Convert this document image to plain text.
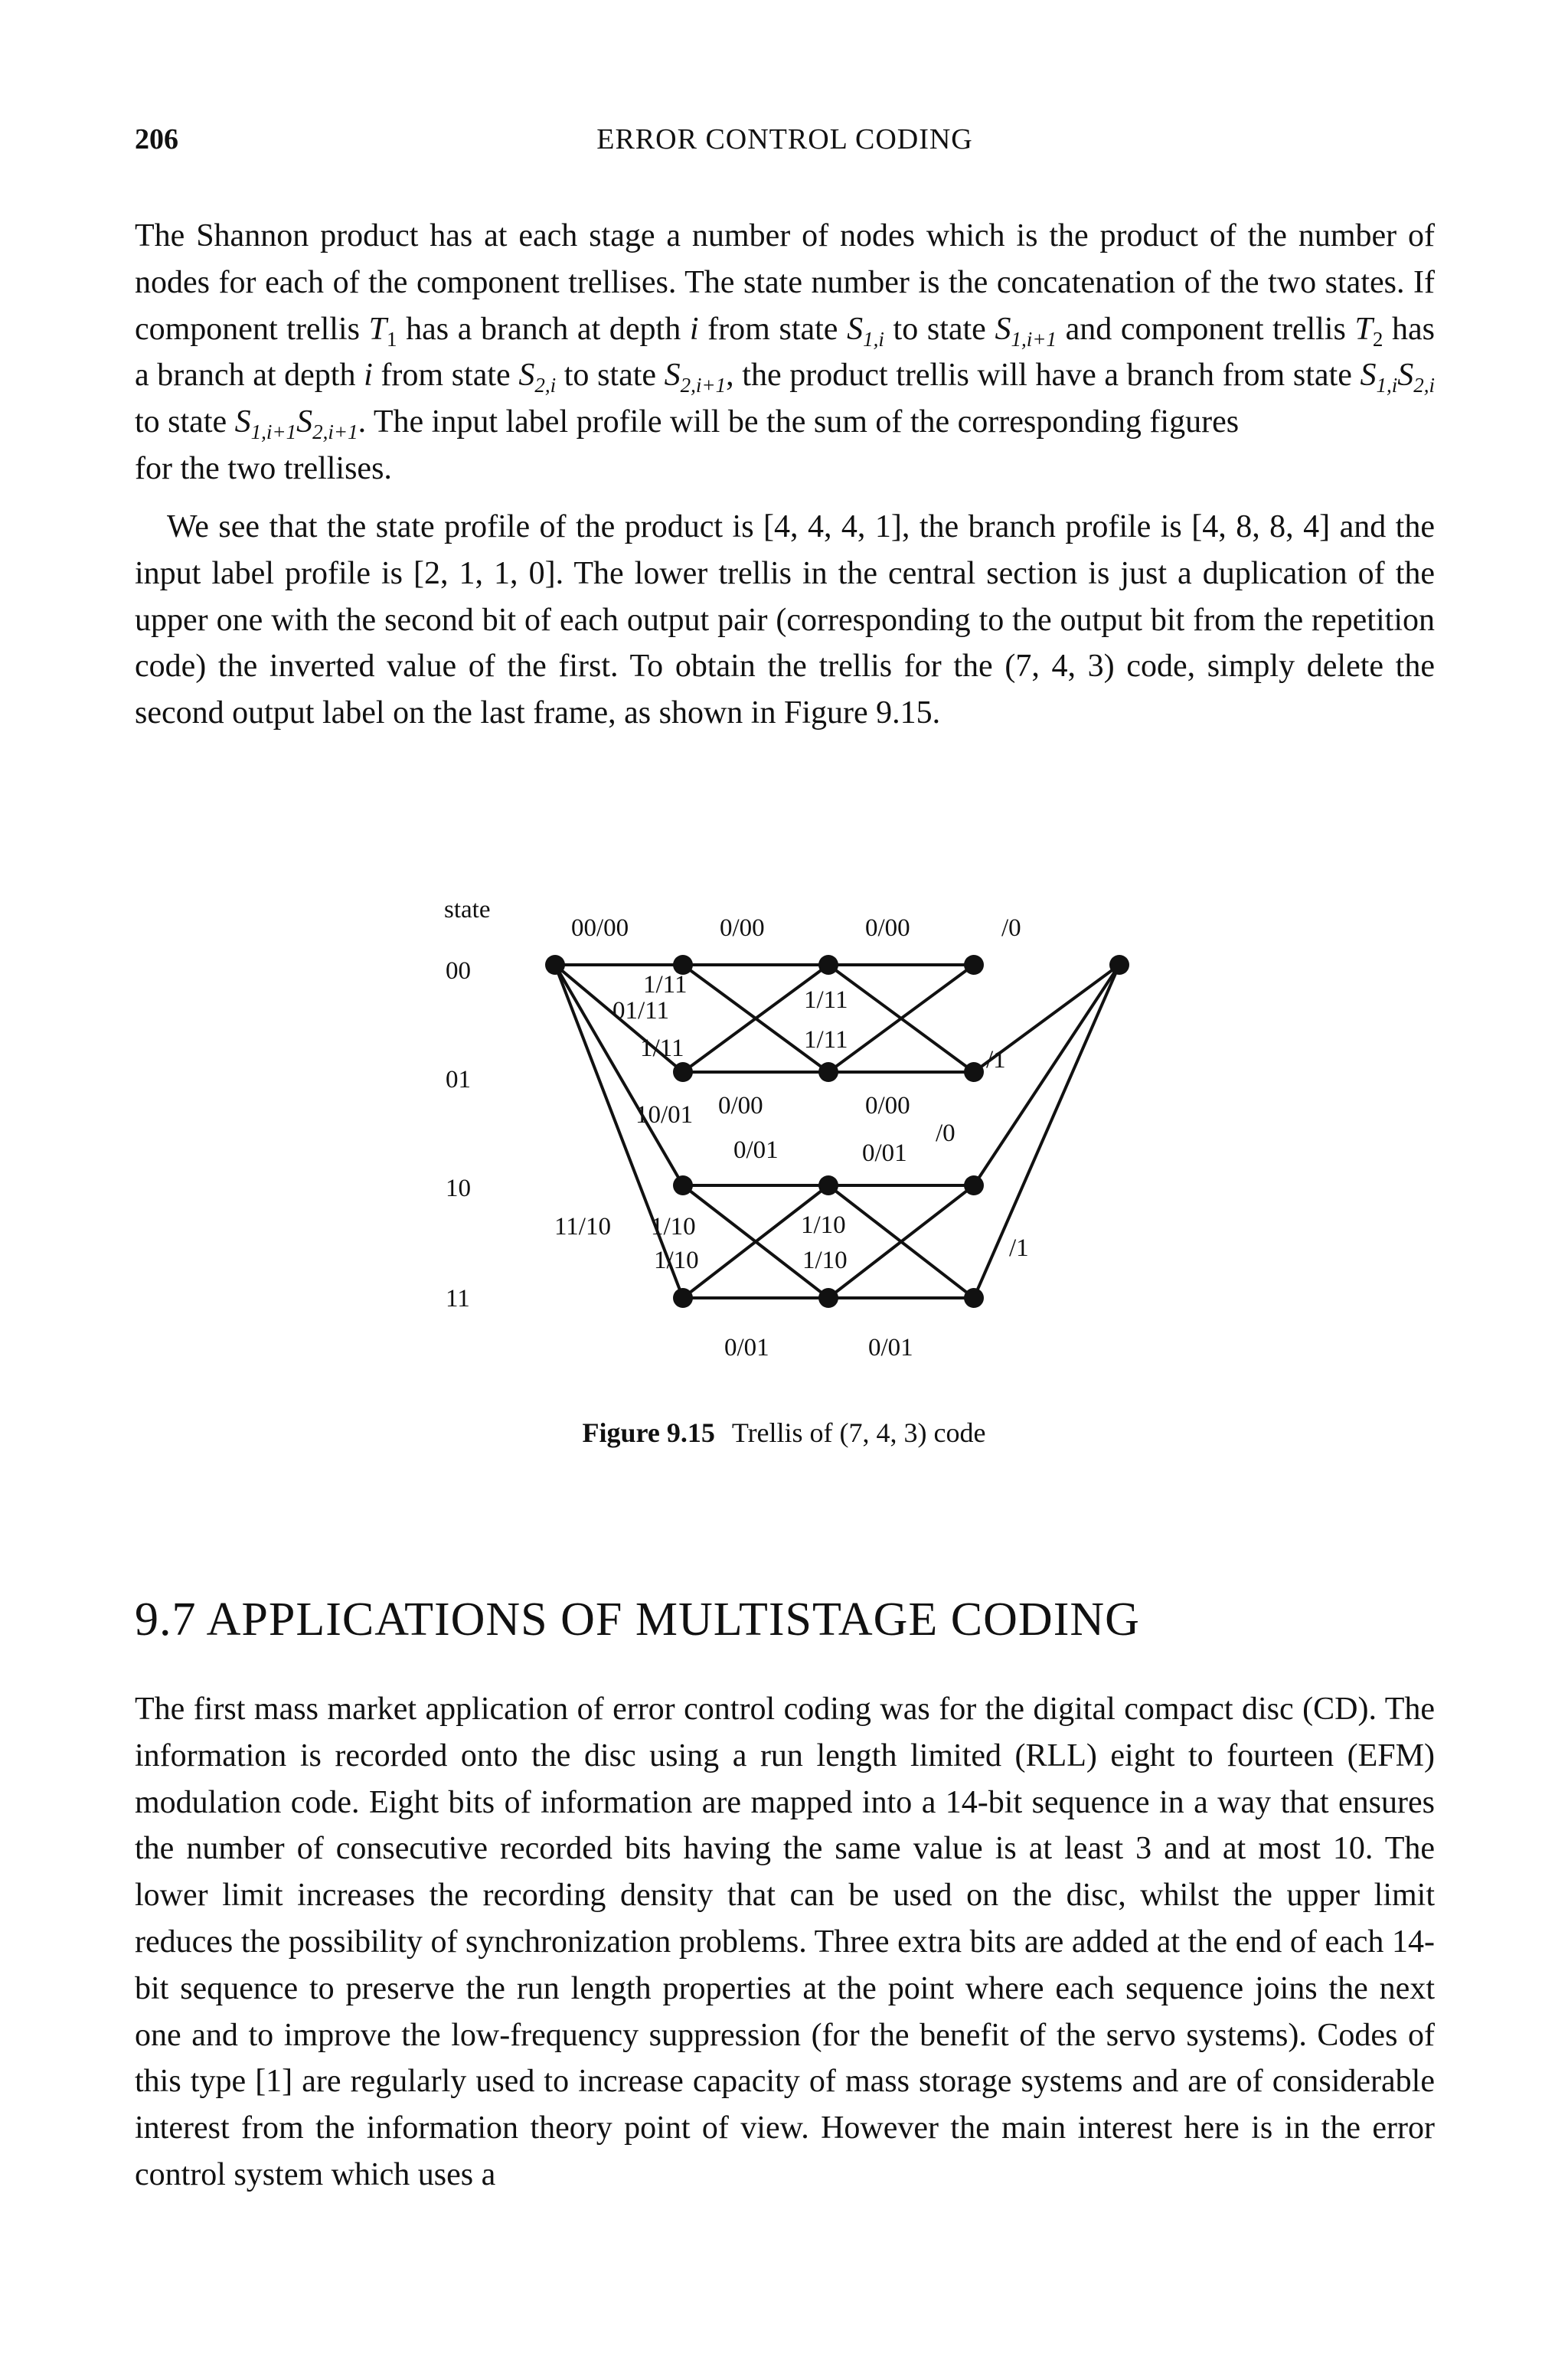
206	ERROR CONTROL CODING

The Shannon product has at each stage a number of nodes which is the product of the number of nodes for each of the component trellises. The state number is the concatenation of the two states. If component trellis $T_1$ has a branch at depth i from state $S_{1,i}$ to state $S_{1,i+1}$ and component trellis $T_2$ has a branch at depth i from state $S_{2,i}$ to state $S_{2,i+1}$, the product trellis will have a branch from state $S_{1,i}S_{2,i}$ to state $S_{1,i+1}S_{2,i+1}$. The input label profile will be the sum of the corresponding figures

for the two trellises.

We see that the state profile of the product is [4, 4, 4, 1], the branch profile is [4, 8, 8, 4] and the input label profile is [2, 1, 1, 0]. The lower trellis in the central section is just a duplication of the upper one with the second bit of each output pair (corresponding to the output bit from the repetition code) the inverted value of the first. To obtain the trellis for the (7, 4, 3) code, simply delete the second output label on the last frame, as shown in Figure 9.15.

state
00
01
10
11
00/00	0/00	0/00	/0
1/11
01/11
1/11
10/01
11/10 1/10
1/10
1/11
1/11
0/00
0/01
1/10
1/10
0/01
0/00
0/01
0/01
/1
/0
/1
Figure 9.15 Trellis of (7, 4, 3) code
9.7 APPLICATIONS OF MULTISTAGE CODING

The first mass market application of error control coding was for the digital compact disc (CD). The information is recorded onto the disc using a run length limited (RLL) eight to fourteen (EFM) modulation code. Eight bits of information are mapped into a 14-bit sequence in a way that ensures the number of consecutive recorded bits having the same value is at least 3 and at most 10. The lower limit increases the recording density that can be used on the disc, whilst the upper limit reduces the possibility of synchronization problems. Three extra bits are added at the end of each 14-bit sequence to preserve the run length properties at the point where each sequence joins the next one and to improve the low-frequency suppression (for the benefit of the servo systems). Codes of this type [1] are regularly used to increase capacity of mass storage systems and are of considerable interest from the information theory point of view. However the main interest here is in the error control system which uses a
